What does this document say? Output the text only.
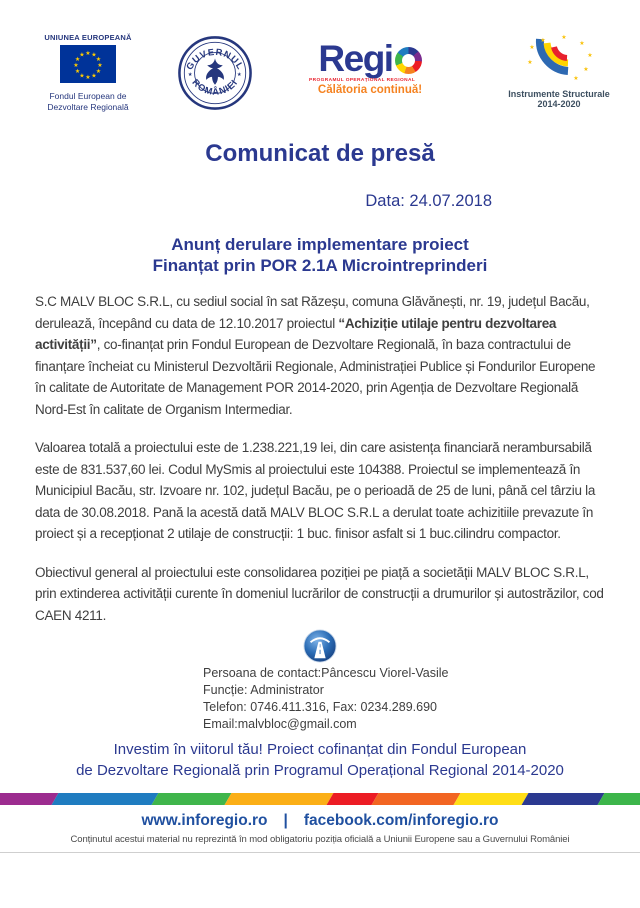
UNIUNEA EUROPEANĂ
★ ★
★
★
★
★
★
★
★
★
★
★
Fondul European de
Dezvoltare Regională
GUVERNUL
ROMÂNIEI
★	★ Regi
PROGRAMUL OPERAȚIONAL REGIONAL
Călătoria continuă!
★
★	★
★
★
★
★
★
Instrumente Structurale
2014-2020
Comunicat de presă
Data: 24.07.2018
Anunț derulare implementare proiect
Finanțat prin POR 2.1A Microintreprinderi

S.C MALV BLOC S.R.L, cu sediul social în sat Răzeșu, comuna Glăvănești, nr. 19, județul Bacău, derulează, începând cu data de 12.10.2017 proiectul “Achiziție utilaje pentru dezvoltarea activității”, co-finanțat prin Fondul European de Dezvoltare Regională, în baza contractului de finanțare încheiat cu Ministerul Dezvoltării Regionale, Administrației Publice și Fondurilor Europene în calitate de Autoritate de Management POR 2014-2020, prin Agenția de Dezvoltare Regională Nord-Est în calitate de Organism Intermediar.

Valoarea totală a proiectului este de 1.238.221,19 lei, din care asistența financiară nerambursabilă este de 831.537,60 lei. Codul MySmis al proiectului este 104388. Proiectul se implementează în Municipiul Bacău, str. Izvoare nr. 102, județul Bacău, pe o perioadă de 25 de luni, până cel târziu la data de 30.08.2018. Pană la acestă dată MALV BLOC S.R.L a derulat toate achizitiile prevazute în proiect și a recepționat 2 utilaje de construcții: 1 buc. finisor asfalt si 1 buc.cilindru compactor.

Obiectivul general al proiectului este consolidarea poziției pe piață a societății MALV BLOC S.R.L, prin extinderea activității curente în domeniul lucrărilor de construcții a drumurilor și autostrăzilor, cod CAEN 4211.

Persoana de contact:Pâncescu Viorel-Vasile
Funcție: Administrator
Telefon: 0746.411.316, Fax: 0234.289.690
Email:malvbloc@gmail.com
Investim în viitorul tău! Proiect cofinanțat din Fondul European
de Dezvoltare Regională prin Programul Operațional Regional 2014-2020
www.inforegio.ro | facebook.com/inforegio.ro
Conținutul acestui material nu reprezintă în mod obligatoriu poziția oficială a Uniunii Europene sau a Guvernului României
